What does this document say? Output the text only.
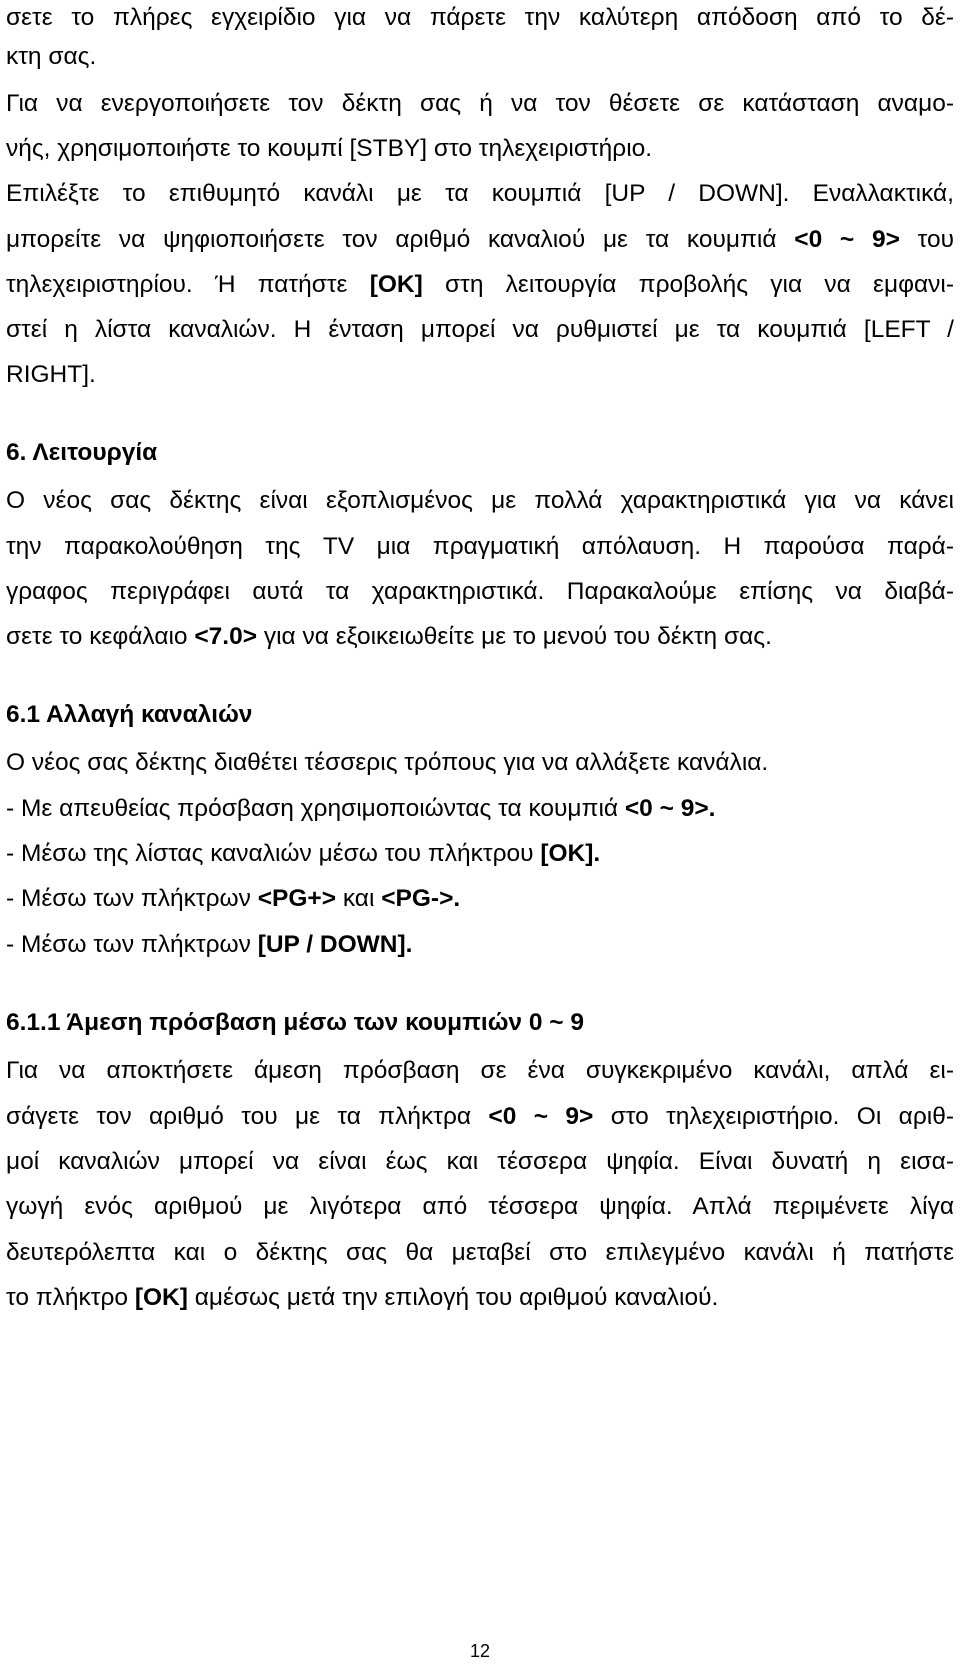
σετε το πλήρες εγχειρίδιο για να πάρετε την καλύτερη απόδοση από το δέ-
κτη σας.
Για να ενεργοποιήσετε τον δέκτη σας ή να τον θέσετε σε κατάσταση αναμο-
νής, χρησιμοποιήστε το κουμπί [STBY] στο τηλεχειριστήριο.
Επιλέξτε το επιθυμητό κανάλι με τα κουμπιά [UP / DOWN]. Εναλλακτικά,
μπορείτε να ψηφιοποιήσετε τον αριθμό καναλιού με τα κουμπιά <0 ~ 9> του
τηλεχειριστηρίου. Ή πατήστε [OK] στη λειτουργία προβολής για να εμφανι-
στεί η λίστα καναλιών. Η ένταση μπορεί να ρυθμιστεί με τα κουμπιά [LEFT /
RIGHT].
6. Λειτουργία
Ο νέος σας δέκτης είναι εξοπλισμένος με πολλά χαρακτηριστικά για να κάνει
την παρακολούθηση της TV μια πραγματική απόλαυση. Η παρούσα παρά-
γραφος περιγράφει αυτά τα χαρακτηριστικά. Παρακαλούμε επίσης να διαβά-
σετε το κεφάλαιο <7.0> για να εξοικειωθείτε με το μενού του δέκτη σας.
6.1 Αλλαγή καναλιών
Ο νέος σας δέκτης διαθέτει τέσσερις τρόπους για να αλλάξετε κανάλια.
- Με απευθείας πρόσβαση χρησιμοποιώντας τα κουμπιά <0 ~ 9>.
- Μέσω της λίστας καναλιών μέσω του πλήκτρου [OK].
- Μέσω των πλήκτρων <PG+> και <PG->.
- Μέσω των πλήκτρων [UP / DOWN].
6.1.1 Άμεση πρόσβαση μέσω των κουμπιών 0 ~ 9
Για να αποκτήσετε άμεση πρόσβαση σε ένα συγκεκριμένο κανάλι, απλά ει-
σάγετε τον αριθμό του με τα πλήκτρα <0 ~ 9> στο τηλεχειριστήριο. Οι αριθ-
μοί καναλιών μπορεί να είναι έως και τέσσερα ψηφία. Είναι δυνατή η εισα-
γωγή ενός αριθμού με λιγότερα από τέσσερα ψηφία. Απλά περιμένετε λίγα
δευτερόλεπτα και ο δέκτης σας θα μεταβεί στο επιλεγμένο κανάλι ή πατήστε
το πλήκτρο [OK] αμέσως μετά την επιλογή του αριθμού καναλιού.
12
